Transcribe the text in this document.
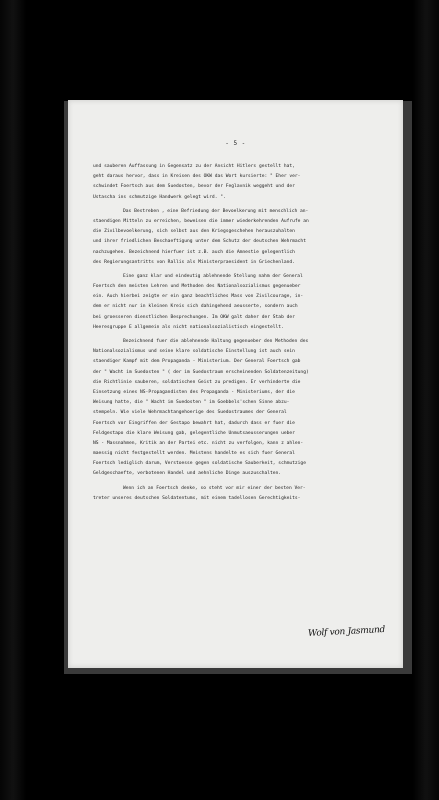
- 5 -
und sauberen Auffassung in Gegensatz zu der Ansicht Hitlers gestellt hat,
geht daraus hervor, dass in Kreisen des OKW das Wort kursierte: " Eher ver-
schwindet Foertsch aus dem Suedosten, bevor der Feglavnik weggeht und der
Ustascha ins schmutzige Handwerk gelegt wird. ".
Das Bestreben , eine Befriedung der Bevoelkerung mit menschlich an-
staendigen Mitteln zu erreichen, beweisen die immer wiederkehrenden Aufrufe an
die Zivilbevoelkerung, sich selbst aus den Kriegsgeschehen herauszuhalten
und ihrer friedlichen Beschaeftigung unter dem Schutz der deutschen Wehrmacht
nachzugehen. Bezeichnend hierfuer ist z.B. auch die Amnestie gelegentlich
des Regierungsantritts von Rallis als Ministerpraesident in Griechenland.
Eine ganz klar und eindeutig ablehnende Stellung nahm der General
Foertsch den meisten Lehren und Methoden des Nationalsozialismus gegenueber
ein. Auch hierbei zeigte er ein ganz beachtliches Mass von Zivilcourage, in-
dem er nicht nur in kleinen Kreis sich dahingehend aeusserte, sondern auch
bei groesseren dienstlichen Besprechungen. Im OKW galt daher der Stab der
Heeresgruppe E allgemein als nicht nationalsozialistisch eingestellt.
Bezeichnend fuer die ablehnende Haltung gegenueber den Methoden des
Nationalsozialismus und seine klare soldatische Einstellung ist auch sein
staendiger Kampf mit dem Propaganda - Ministerium. Der General Foertsch gab
der " Wacht im Suedosten " ( der im Suedostraum erscheinenden Soldatenzeitung)
die Richtlinie sauberen, soldatischen Geist zu predigen. Er verhinderte die
Einsetzung eines NS-Propagandisten des Propaganda - Ministeriums, der die
Weisung hatte, die " Wacht im Suedosten " im Goebbels'schen Sinne abzu-
stempeln. Wie viele Wehrmachtangehoerige des Suedostraumes der General
Foertsch vor Eingriffen der Gestapo bewahrt hat, dadurch dass er fuer die
Feldgestapo die klare Weisung gab, gelegentliche Unmutsaeusserungen ueber
NS - Massnahmen, Kritik an der Partei etc. nicht zu verfolgen, kann z ahlen-
maessig nicht festgestellt werden. Meistens handelte es sich fuer General
Foertsch lediglich darum, Verstoesse gegen soldatische Sauberkeit, schmutzige
Geldgeschaefte, verbotenen Handel und aehnliche Dinge auszuschalten.
Wenn ich an Foertsch denke, so steht vor mir einer der besten Ver-
treter unseres deutschen Soldatentums, mit einem tadellosen Gerechtigkeits-
Wolf von Jasmund
